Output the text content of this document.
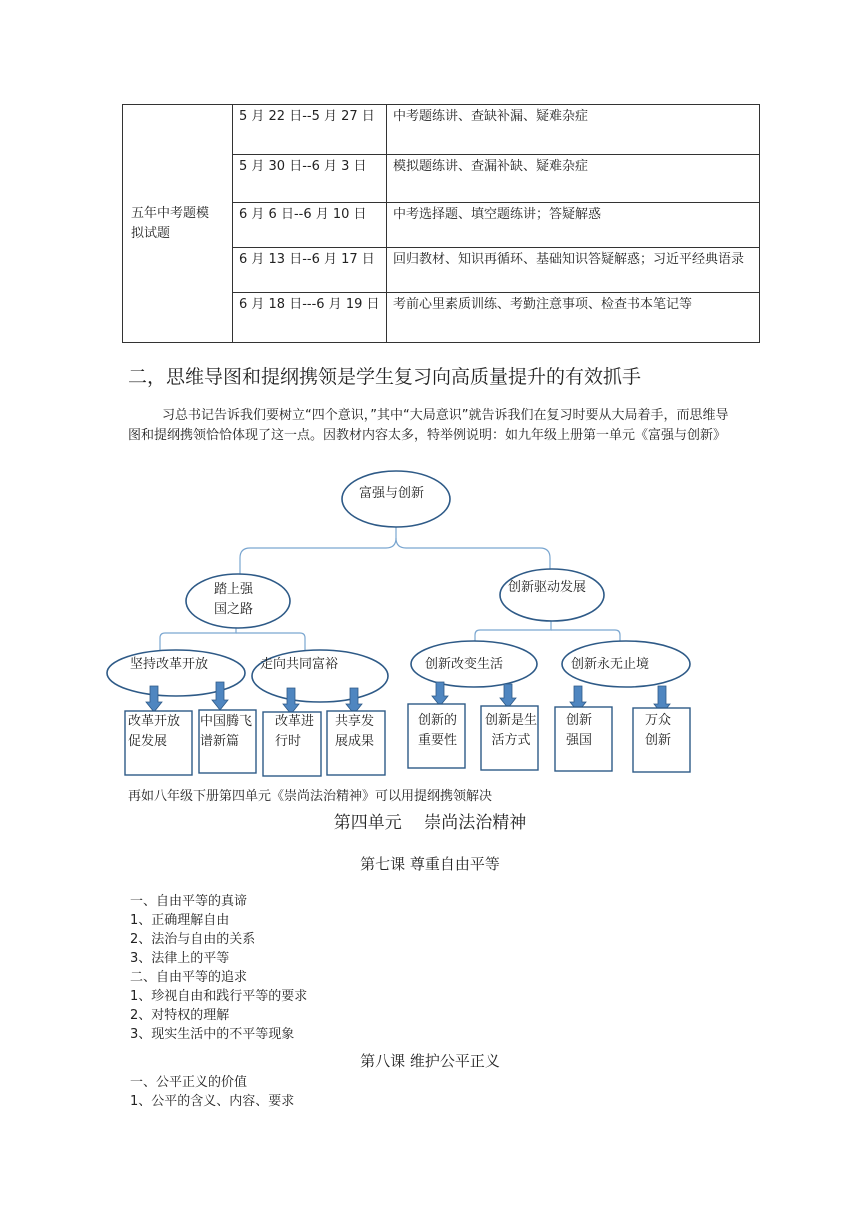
五年中考题模拟试题	5 月 22 日--5 月 27 日	中考题练讲、查缺补漏、疑难杂症
	5 月 30 日--6 月 3 日	模拟题练讲、查漏补缺、疑难杂症
	6 月 6 日--6 月 10 日	中考选择题、填空题练讲；答疑解惑
	6 月 13 日--6 月 17 日	回归教材、知识再循环、基础知识答疑解惑；习近平经典语录
	6 月 18 日---6 月 19 日	考前心里素质训练、考勤注意事项、检查书本笔记等
二，思维导图和提纲携领是学生复习向高质量提升的有效抓手
习总书记告诉我们要树立“四个意识，”其中“大局意识”就告诉我们在复习时要从大局着手，而思维导图和提纲携领恰恰体现了这一点。因教材内容太多，特举例说明：如九年级上册第一单元《富强与创新》
富强与创新
踏上强国之路
创新驱动发展
坚持改革开放	走向共同富裕	创新改变生活	创新永无止境
改革开放促发展
中国腾飞谱新篇
改革进行时
共享发展成果
创新的重要性
创新是生活方式
创新强国
万众创新
再如八年级下册第四单元《崇尚法治精神》可以用提纲携领解决
第四单元　 崇尚法治精神
第七课 尊重自由平等
一、自由平等的真谛
1、正确理解自由
2、法治与自由的关系
3、法律上的平等
二、自由平等的追求
1、珍视自由和践行平等的要求
2、对特权的理解
3、现实生活中的不平等现象
第八课 维护公平正义
一、公平正义的价值
1、公平的含义、内容、要求
